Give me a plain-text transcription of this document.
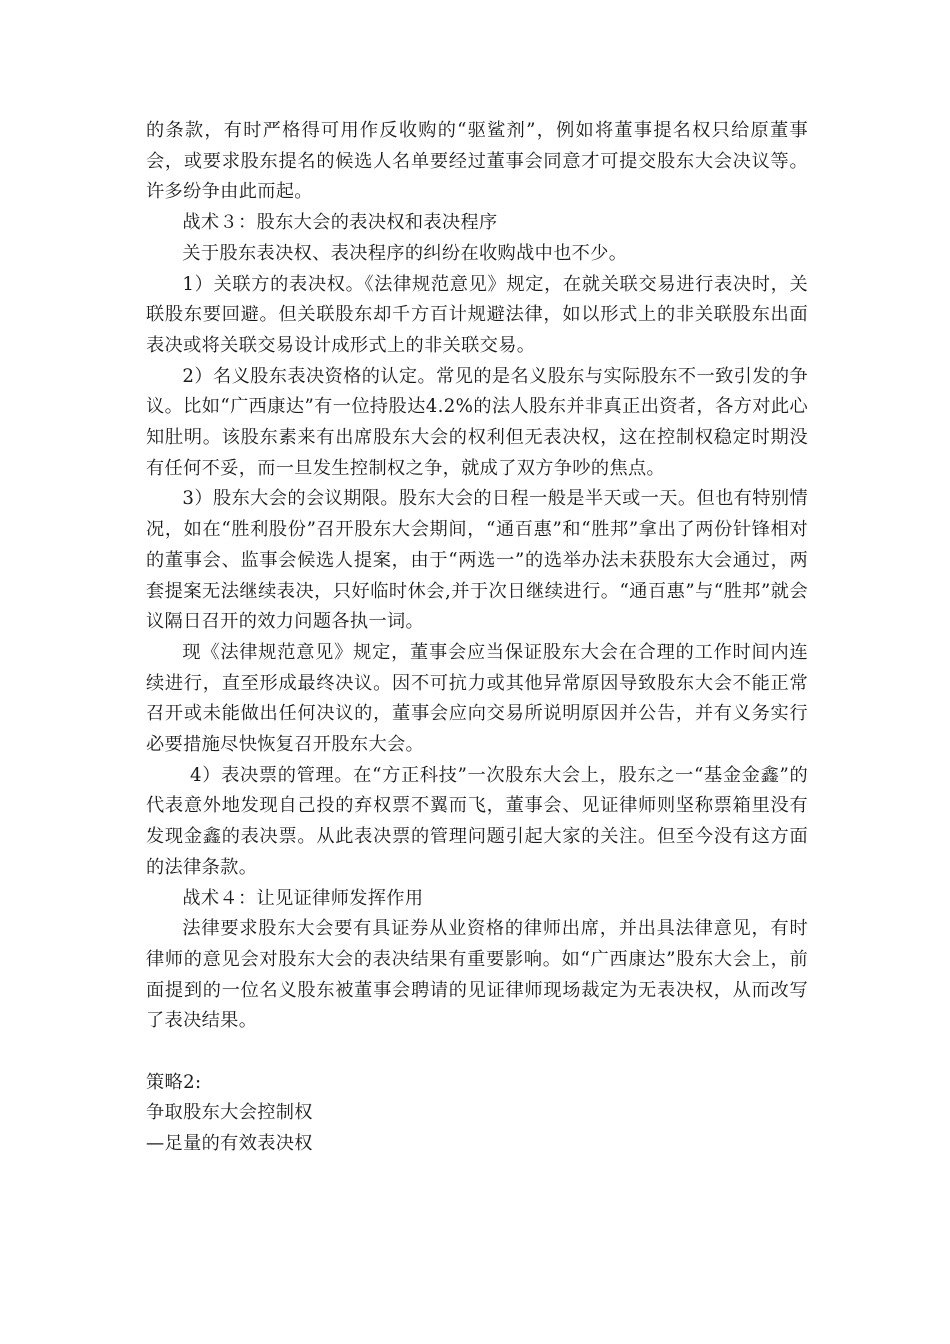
的条款，有时严格得可用作反收购的“驱鲨剂”，例如将董事提名权只给原董事会，或要求股东提名的候选人名单要经过董事会同意才可提交股东大会决议等。许多纷争由此而起。

战术３：股东大会的表决权和表决程序

关于股东表决权、表决程序的纠纷在收购战中也不少。

1）关联方的表决权。《法律规范意见》规定，在就关联交易进行表决时，关联股东要回避。但关联股东却千方百计规避法律，如以形式上的非关联股东出面表决或将关联交易设计成形式上的非关联交易。

2）名义股东表决资格的认定。常见的是名义股东与实际股东不一致引发的争议。比如“广西康达”有一位持股达4.2%的法人股东并非真正出资者，各方对此心知肚明。该股东素来有出席股东大会的权利但无表决权，这在控制权稳定时期没有任何不妥，而一旦发生控制权之争，就成了双方争吵的焦点。

3）股东大会的会议期限。股东大会的日程一般是半天或一天。但也有特别情况，如在“胜利股份”召开股东大会期间，“通百惠”和“胜邦”拿出了两份针锋相对的董事会、监事会候选人提案，由于“两选一”的选举办法未获股东大会通过，两套提案无法继续表决，只好临时休会,并于次日继续进行。“通百惠”与“胜邦”就会议隔日召开的效力问题各执一词。

现《法律规范意见》规定，董事会应当保证股东大会在合理的工作时间内连续进行，直至形成最终决议。因不可抗力或其他异常原因导致股东大会不能正常召开或未能做出任何决议的，董事会应向交易所说明原因并公告，并有义务实行必要措施尽快恢复召开股东大会。

4）表决票的管理。在“方正科技”一次股东大会上，股东之一“基金金鑫”的代表意外地发现自己投的弃权票不翼而飞，董事会、见证律师则坚称票箱里没有发现金鑫的表决票。从此表决票的管理问题引起大家的关注。但至今没有这方面的法律条款。

战术４：让见证律师发挥作用

法律要求股东大会要有具证券从业资格的律师出席，并出具法律意见，有时律师的意见会对股东大会的表决结果有重要影响。如“广西康达”股东大会上，前面提到的一位名义股东被董事会聘请的见证律师现场裁定为无表决权，从而改写了表决结果。

策略2:

争取股东大会控制权

—足量的有效表决权
